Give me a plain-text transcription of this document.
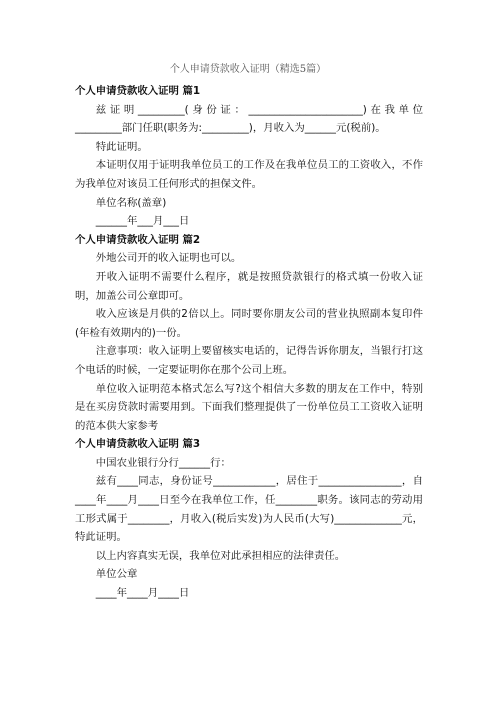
个人申请贷款收入证明（精选5篇）

个人申请贷款收入证明 篇1

兹证明_________(身份证：______________________)在我单位_________部门任职(职务为:_________)，月收入为______元(税前)。

特此证明。

本证明仅用于证明我单位员工的工作及在我单位员工的工资收入，不作为我单位对该员工任何形式的担保文件。

单位名称(盖章)

______年___月___日

个人申请贷款收入证明 篇2

外地公司开的收入证明也可以。

开收入证明不需要什么程序，就是按照贷款银行的格式填一份收入证明，加盖公司公章即可。

收入应该是月供的2倍以上。同时要你朋友公司的营业执照副本复印件(年检有效期内的)一份。

注意事项：收入证明上要留核实电话的，记得告诉你朋友，当银行打这个电话的时候，一定要证明你在那个公司上班。

单位收入证明范本格式怎么写?这个相信大多数的朋友在工作中，特别是在买房贷款时需要用到。下面我们整理提供了一份单位员工工资收入证明的范本供大家参考

个人申请贷款收入证明 篇3

中国农业银行分行______行：

兹有____同志，身份证号____________，居住于________________，自____年____月____日至今在我单位工作，任________职务。该同志的劳动用工形式属于________，月收入(税后实发)为人民币(大写)_____________元，特此证明。

以上内容真实无误，我单位对此承担相应的法律责任。

单位公章

____年____月____日
